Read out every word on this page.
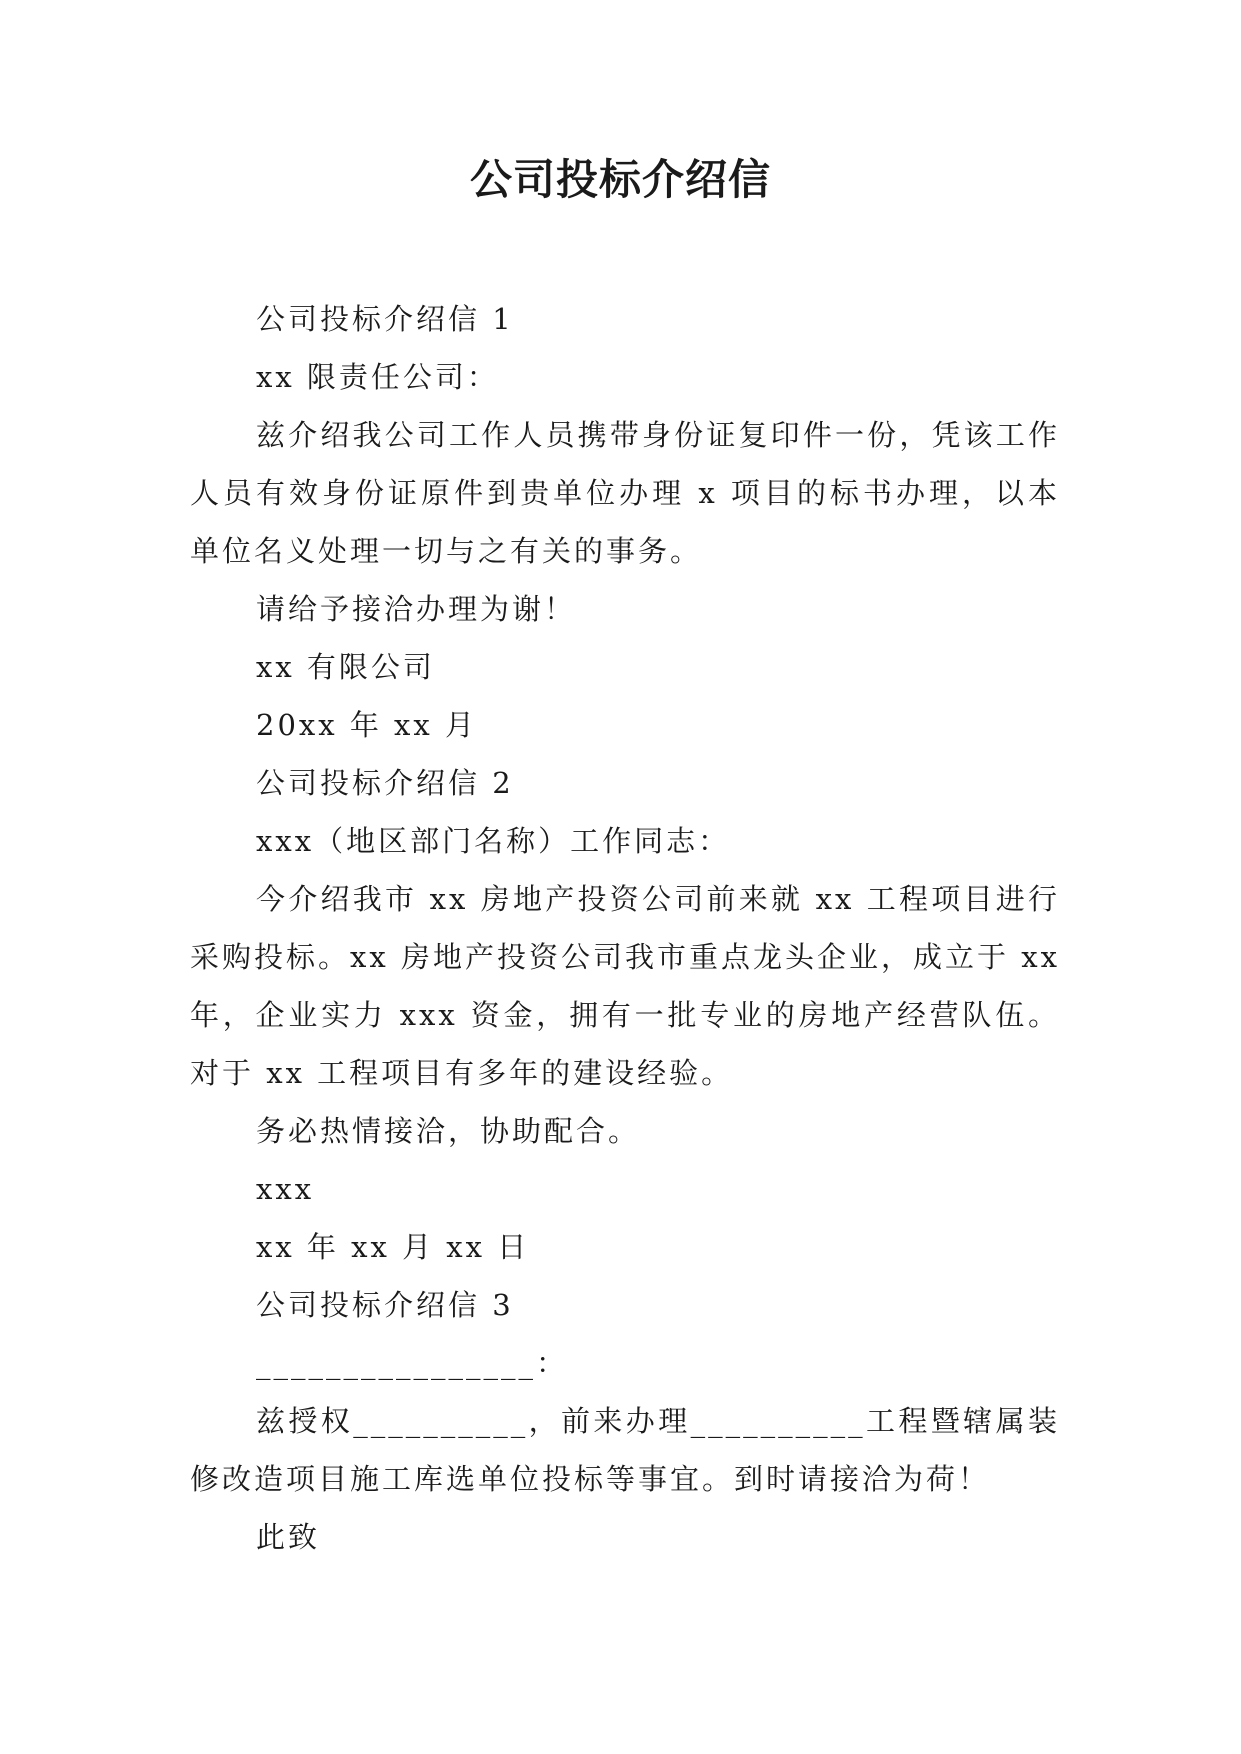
公司投标介绍信

公司投标介绍信 1

xx 限责任公司：

兹介绍我公司工作人员携带身份证复印件一份，凭该工作人员有效身份证原件到贵单位办理 x 项目的标书办理，以本单位名义处理一切与之有关的事务。

请给予接洽办理为谢！

xx 有限公司

20xx 年 xx 月

公司投标介绍信 2

xxx（地区部门名称）工作同志：

今介绍我市 xx 房地产投资公司前来就 xx 工程项目进行采购投标。xx 房地产投资公司我市重点龙头企业，成立于 xx 年，企业实力 xxx 资金，拥有一批专业的房地产经营队伍。对于 xx 工程项目有多年的建设经验。

务必热情接洽，协助配合。

xxx

xx 年 xx 月 xx 日

公司投标介绍信 3

________________：

兹授权__________，前来办理__________工程暨辖属装修改造项目施工库选单位投标等事宜。到时请接洽为荷！

此致
